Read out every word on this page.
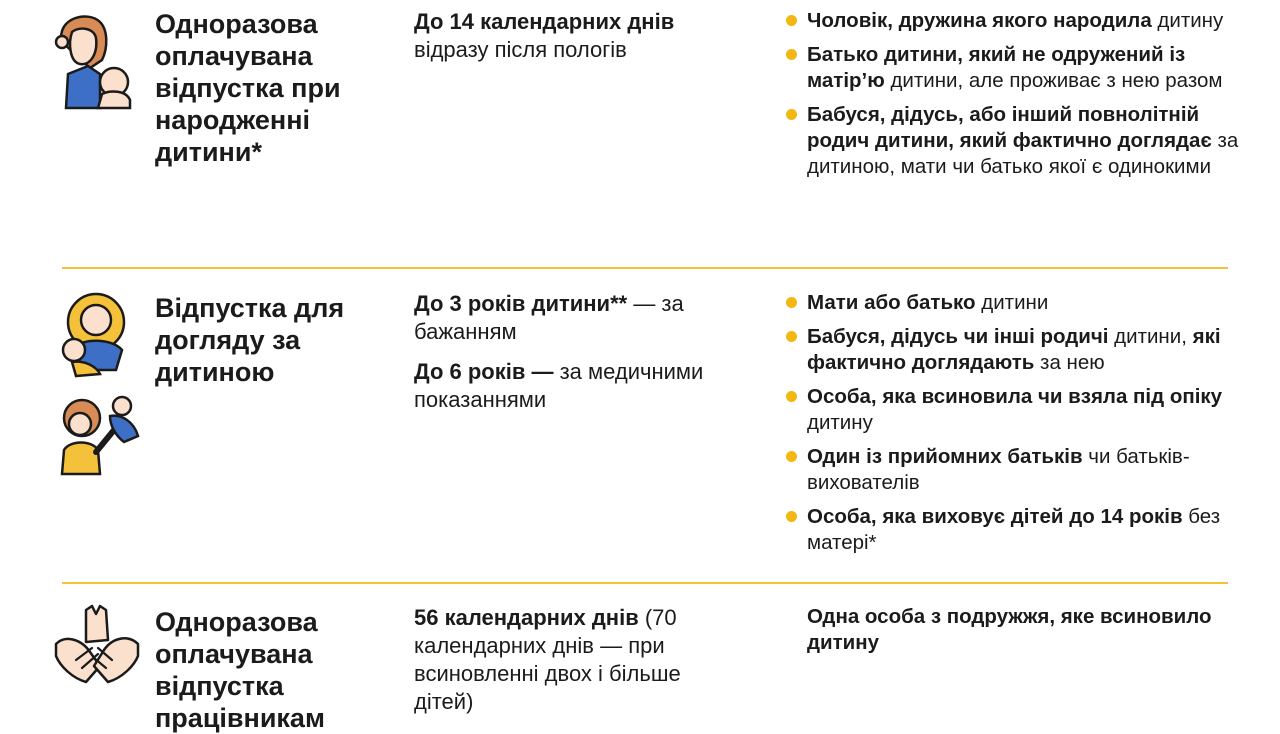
Одноразова оплачувана відпустка при народженні дитини*

До 14 календарних днів відразу після пологів

Чоловік, дружина якого народила дитину
Батько дитини, який не одружений із матір’ю дитини, але проживає з нею разом
Бабуся, дідусь, або інший повнолітній родич дитини, який фактично доглядає за дитиною, мати чи батько якої є одинокими
Відпустка для догляду за дитиною

До 3 років дитини** — за бажанням

До 6 років — за медичними показаннями

Мати або батько дитини
Бабуся, дідусь чи інші родичі дитини, які фактично доглядають за нею
Особа, яка всиновила чи взяла під опіку дитину
Один із прийомних батьків чи батьків-вихователів
Особа, яка виховує дітей до 14 років без матері*
Одноразова оплачувана відпустка працівникам

56 календарних днів (70 календарних днів — при всиновленні двох і більше дітей)

Одна особа з подружжя, яке всиновило дитину
